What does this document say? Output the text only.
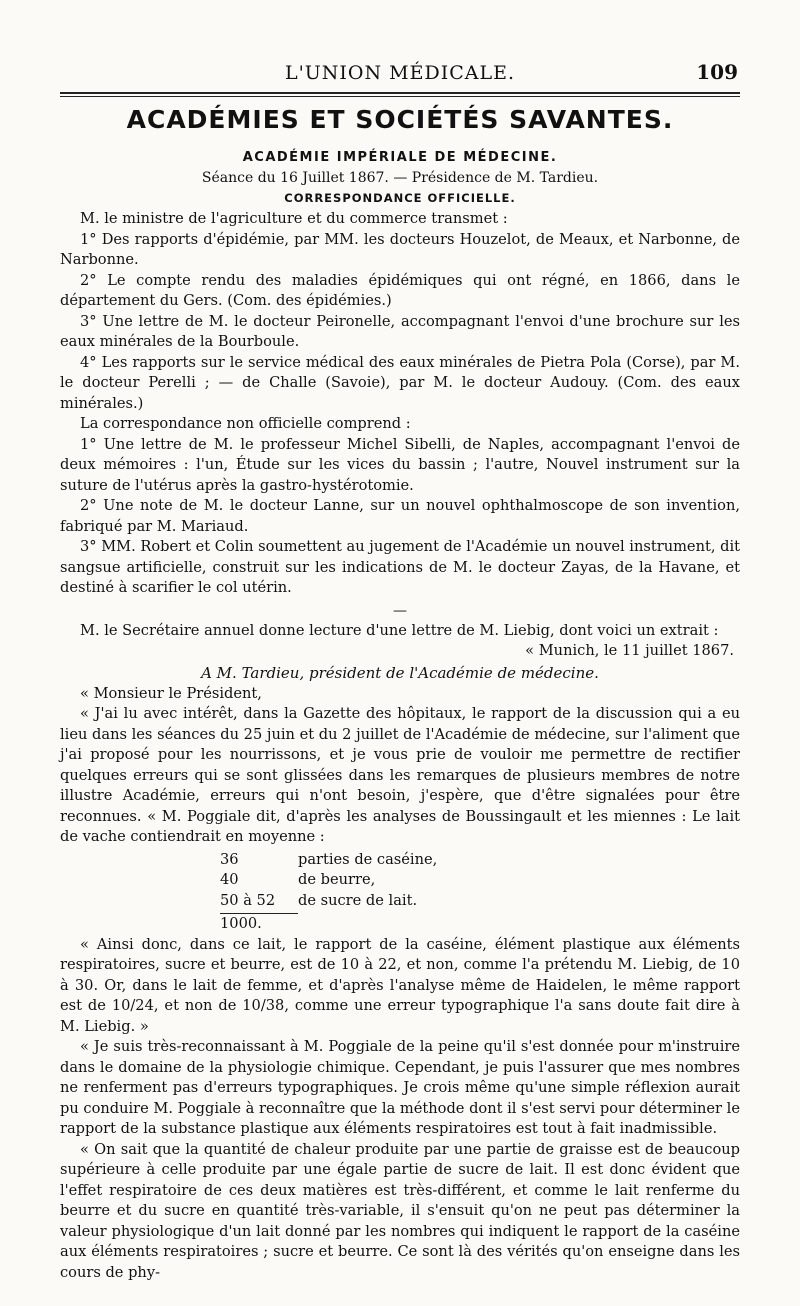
L'UNION MÉDICALE.	109
ACADÉMIES ET SOCIÉTÉS SAVANTES.
ACADÉMIE IMPÉRIALE DE MÉDECINE.
Séance du 16 Juillet 1867. — Présidence de M. Tardieu.
CORRESPONDANCE OFFICIELLE.

M. le ministre de l'agriculture et du commerce transmet :

1° Des rapports d'épidémie, par MM. les docteurs Houzelot, de Meaux, et Narbonne, de Narbonne.

2° Le compte rendu des maladies épidémiques qui ont régné, en 1866, dans le département du Gers. (Com. des épidémies.)

3° Une lettre de M. le docteur Peironelle, accompagnant l'envoi d'une brochure sur les eaux minérales de la Bourboule.

4° Les rapports sur le service médical des eaux minérales de Pietra Pola (Corse), par M. le docteur Perelli ; — de Challe (Savoie), par M. le docteur Audouy. (Com. des eaux minérales.)

La correspondance non officielle comprend :

1° Une lettre de M. le professeur Michel Sibelli, de Naples, accompagnant l'envoi de deux mémoires : l'un, Étude sur les vices du bassin ; l'autre, Nouvel instrument sur la suture de l'utérus après la gastro-hystérotomie.

2° Une note de M. le docteur Lanne, sur un nouvel ophthalmoscope de son invention, fabriqué par M. Mariaud.

3° MM. Robert et Colin soumettent au jugement de l'Académie un nouvel instrument, dit sangsue artificielle, construit sur les indications de M. le docteur Zayas, de la Havane, et destiné à scarifier le col utérin.

—

M. le Secrétaire annuel donne lecture d'une lettre de M. Liebig, dont voici un extrait :

« Munich, le 11 juillet 1867.
A M. Tardieu, président de l'Académie de médecine.

« Monsieur le Président,

« J'ai lu avec intérêt, dans la Gazette des hôpitaux, le rapport de la discussion qui a eu lieu dans les séances du 25 juin et du 2 juillet de l'Académie de médecine, sur l'aliment que j'ai proposé pour les nourrissons, et je vous prie de vouloir me permettre de rectifier quelques erreurs qui se sont glissées dans les remarques de plusieurs membres de notre illustre Académie, erreurs qui n'ont besoin, j'espère, que d'être signalées pour être reconnues. « M. Poggiale dit, d'après les analyses de Boussingault et les miennes : Le lait de vache contiendrait en moyenne :

36	parties de caséine,
40	de beurre,
50 à 52	de sucre de lait.
1000.

« Ainsi donc, dans ce lait, le rapport de la caséine, élément plastique aux éléments respiratoires, sucre et beurre, est de 10 à 22, et non, comme l'a prétendu M. Liebig, de 10 à 30. Or, dans le lait de femme, et d'après l'analyse même de Haidelen, le même rapport est de 10/24, et non de 10/38, comme une erreur typographique l'a sans doute fait dire à M. Liebig. »

« Je suis très-reconnaissant à M. Poggiale de la peine qu'il s'est donnée pour m'instruire dans le domaine de la physiologie chimique. Cependant, je puis l'assurer que mes nombres ne renferment pas d'erreurs typographiques. Je crois même qu'une simple réflexion aurait pu conduire M. Poggiale à reconnaître que la méthode dont il s'est servi pour déterminer le rapport de la substance plastique aux éléments respiratoires est tout à fait inadmissible.

« On sait que la quantité de chaleur produite par une partie de graisse est de beaucoup supérieure à celle produite par une égale partie de sucre de lait. Il est donc évident que l'effet respiratoire de ces deux matières est très-différent, et comme le lait renferme du beurre et du sucre en quantité très-variable, il s'ensuit qu'on ne peut pas déterminer la valeur physiologique d'un lait donné par les nombres qui indiquent le rapport de la caséine aux éléments respiratoires ; sucre et beurre. Ce sont là des vérités qu'on enseigne dans les cours de phy-
